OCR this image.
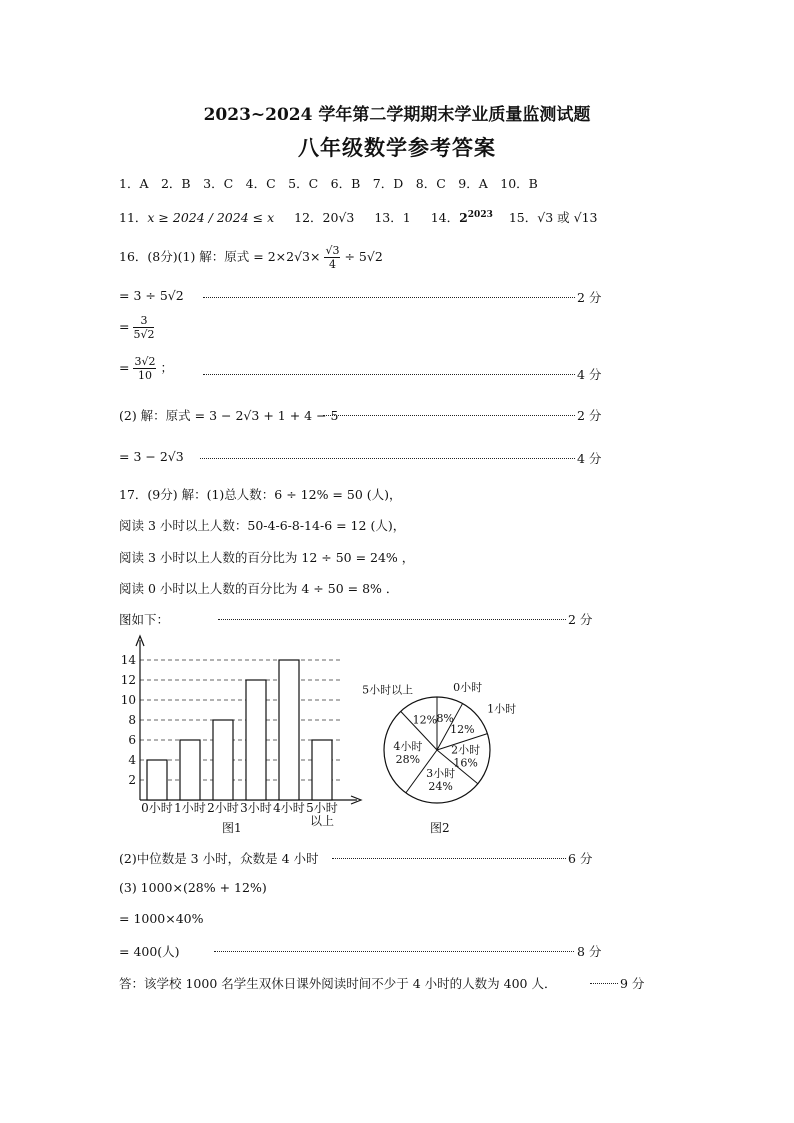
2023~2024 学年第二学期期末学业质量监测试题
八年级数学参考答案
1．A　2．B　3．C　4．C　5．C　6．B　7．D　8．C　9．A　10．B
11．x ≥ 2024 / 2024 ≤ x 12．20√3 13．1 14．$2^{2023}$ 15．√3 或 √13
16．(8分)(1) 解：原式 = $2\times 2√3\times \frac{√3}{4} \div 5√2$
= 3 ÷ 5√2	2 分
= $\frac{3}{5√2}$
= $\frac{3√2}{10}$ ；	4 分
(2) 解：原式 = 3 − 2√3 + 1 + 4 − 5	2 分
= 3 − 2√3	4 分
17．(9分) 解：(1)总人数：6 ÷ 12% = 50 (人)，
阅读 3 小时以上人数：50-4-6-8-14-6 = 12 (人)，
阅读 3 小时以上人数的百分比为 12 ÷ 50 = 24% ，
阅读 0 小时以上人数的百分比为 4 ÷ 50 = 8% ．
图如下：	2 分
2
4
6
8
10
12
14
0小时 1小时 2小时 3小时 4小时 5小时
以上
图1
8%
0小时
12%
1小时
2小时
16%
3小时
24%
4小时
28%
12%
5小时以上
图2
(2)中位数是 3 小时，众数是 4 小时	6 分
(3) 1000×(28% + 12%)
= 1000×40%
= 400(人)	8 分
答：该学校 1000 名学生双休日课外阅读时间不少于 4 小时的人数为 400 人．	9 分
